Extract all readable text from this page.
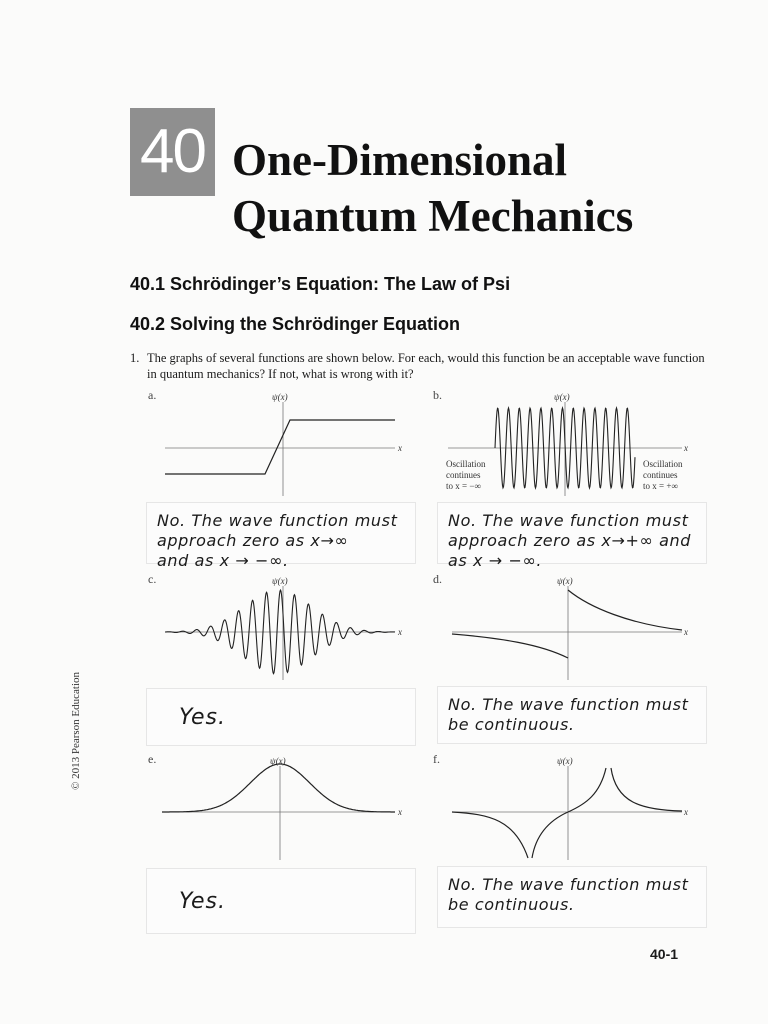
40 One-Dimensional
Quantum Mechanics
40.1 Schrödinger’s Equation: The Law of Psi
40.2 Solving the Schrödinger Equation
1. The graphs of several functions are shown below. For each, would this function be an acceptable wave function in quantum mechanics? If not, what is wrong with it?
a.	ψ(x)
x
No. The wave function must
approach zero as x→∞
and as x → −∞.
b.	ψ(x)
x
Oscillation
continues
to x = −∞
Oscillation
continues
to x = +∞
No. The wave function must
approach zero as x→+∞ and
as x → −∞.
c.	ψ(x)
x
Yes.
d.	ψ(x)
x
No. The wave function must
be continuous.
e.	ψ(x)
x
Yes.
f.	ψ(x)
x
No. The wave function must
be continuous.
© 2013 Pearson Education
40-1
